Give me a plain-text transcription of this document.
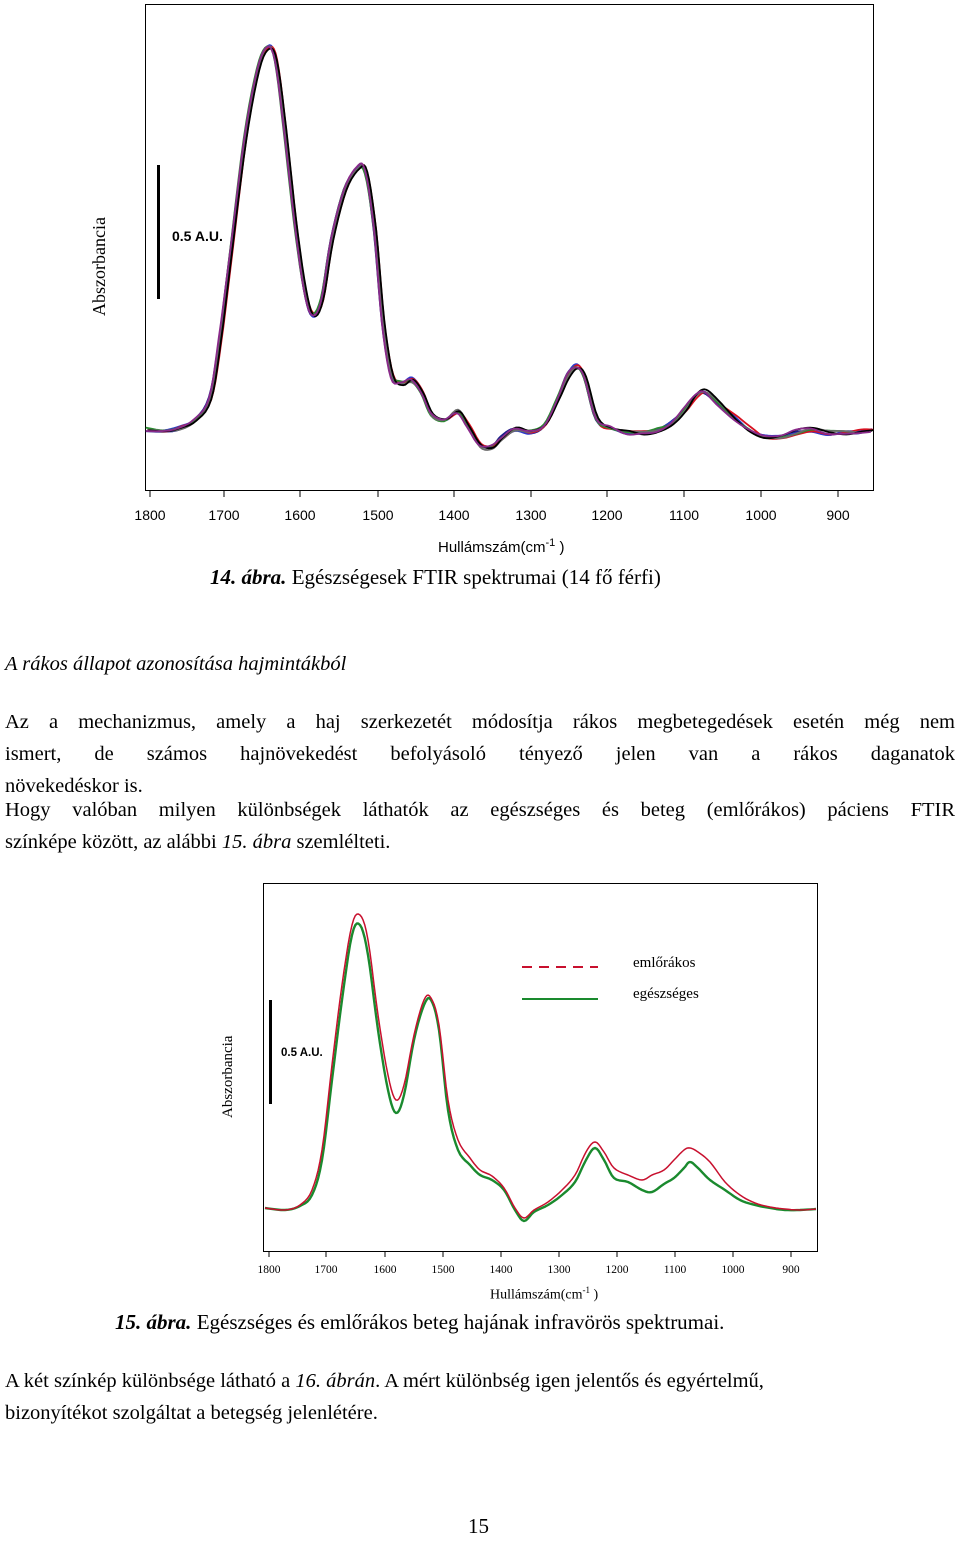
Abszorbancia	0.5 A.U.
1800	1700	1600	1500	1400	1300	1200	1100	1000	900
$Hullámszám(cm^{-1}$ )
14. ábra. Egészségesek FTIR spektrumai (14 fő férfi)
A rákos állapot azonosítása hajmintákból
Az a mechanizmus, amely a haj szerkezetét módosítja rákos megbetegedések esetén még nem
ismert, de számos hajnövekedést befolyásoló tényező jelen van a rákos daganatok
növekedéskor is.
Hogy valóban milyen különbségek láthatók az egészséges és beteg (emlőrákos) páciens FTIR
színképe között, az alábbi 15. ábra szemlélteti.
Abszorbancia	0.5 A.U.
emlőrákos
egészséges
1800	1700	1600	1500	1400	1300	1200	1100	1000	900
$Hullámszám(cm^{-1}$ )
15. ábra. Egészséges és emlőrákos beteg hajának infravörös spektrumai.
A két színkép különbsége látható a 16. ábrán. A mért különbség igen jelentős és egyértelmű,
bizonyítékot szolgáltat a betegség jelenlétére.
15
